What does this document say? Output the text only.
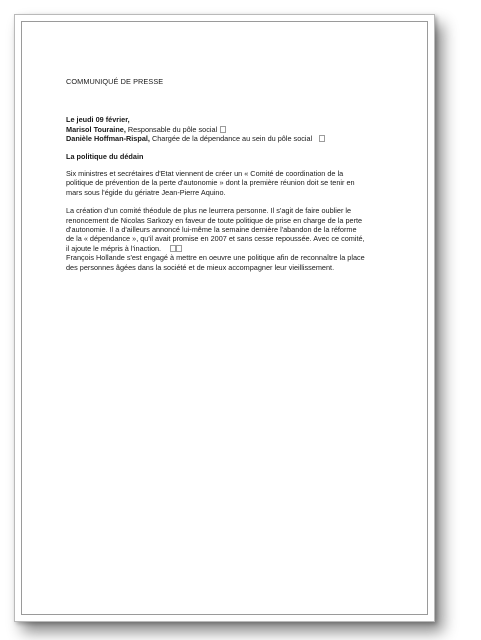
COMMUNIQUÉ DE PRESSE
Le jeudi 09 février,
Marisol Touraine, Responsable du pôle social
Danièle Hoffman-Rispal, Chargée de la dépendance au sein du pôle social
La politique du dédain
Six ministres et secrétaires d'Etat viennent de créer un « Comité de coordination de la politique de prévention de la perte d'autonomie » dont la première réunion doit se tenir en mars sous l'égide du gériatre Jean-Pierre Aquino.
La création d'un comité théodule de plus ne leurrera personne. Il s'agit de faire oublier le renoncement de Nicolas Sarkozy en faveur de toute politique de prise en charge de la perte d'autonomie. Il a d'ailleurs annoncé lui-même la semaine dernière l'abandon de la réforme de la « dépendance », qu'il avait promise en 2007 et sans cesse repoussée. Avec ce comité, il ajoute le mépris à l'inaction.
François Hollande s'est engagé à mettre en oeuvre une politique afin de reconnaître la place des personnes âgées dans la société et de mieux accompagner leur vieillissement.
